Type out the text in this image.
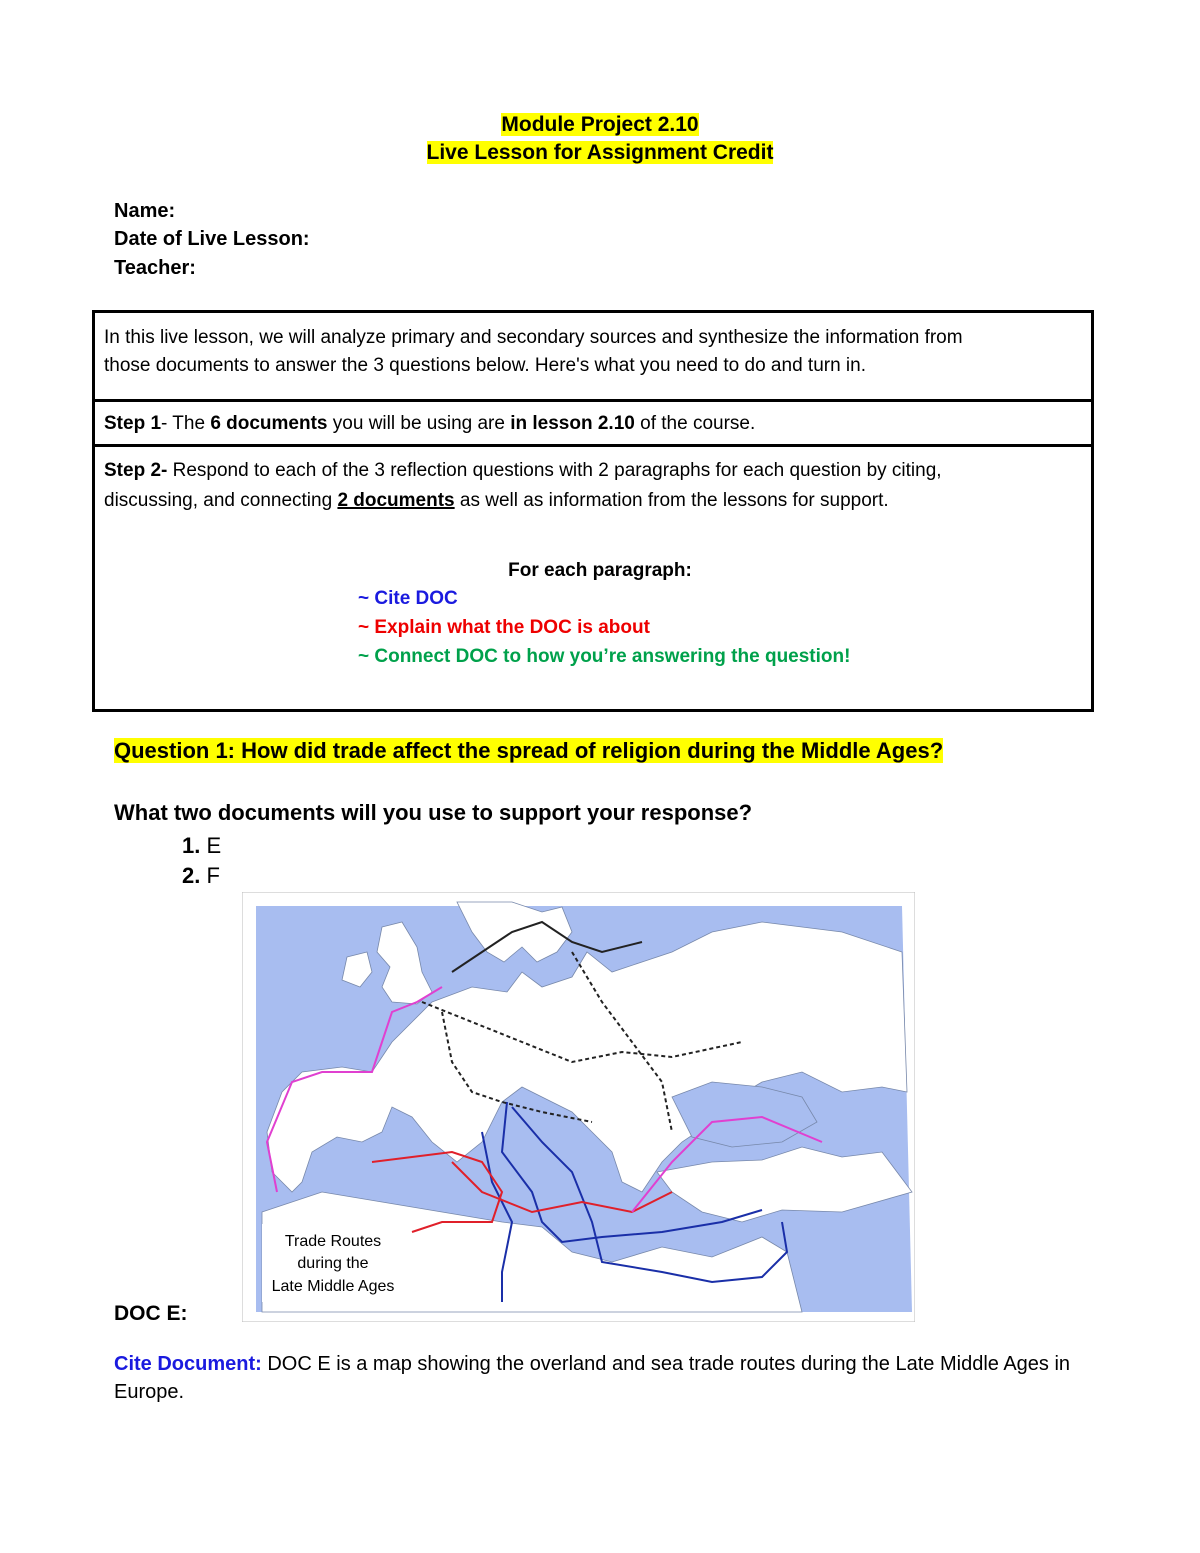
Module Project 2.10
Live Lesson for Assignment Credit
Name:
Date of Live Lesson:
Teacher:
In this live lesson, we will analyze primary and secondary sources and synthesize the information from
those documents to answer the 3 questions below. Here's what you need to do and turn in.
Step 1- The 6 documents you will be using are in lesson 2.10 of the course.
Step 2- Respond to each of the 3 reflection questions with 2 paragraphs for each question by citing,
discussing, and connecting 2 documents as well as information from the lessons for support.
For each paragraph:
~ Cite DOC
~ Explain what the DOC is about
~ Connect DOC to how you’re answering the question!
Question 1: How did trade affect the spread of religion during the Middle Ages?
What two documents will you use to support your response?
1. E
2. F
Trade Routes
during the
Late Middle Ages
DOC E:
Cite Document: DOC E is a map showing the overland and sea trade routes during the Late Middle Ages in Europe.
